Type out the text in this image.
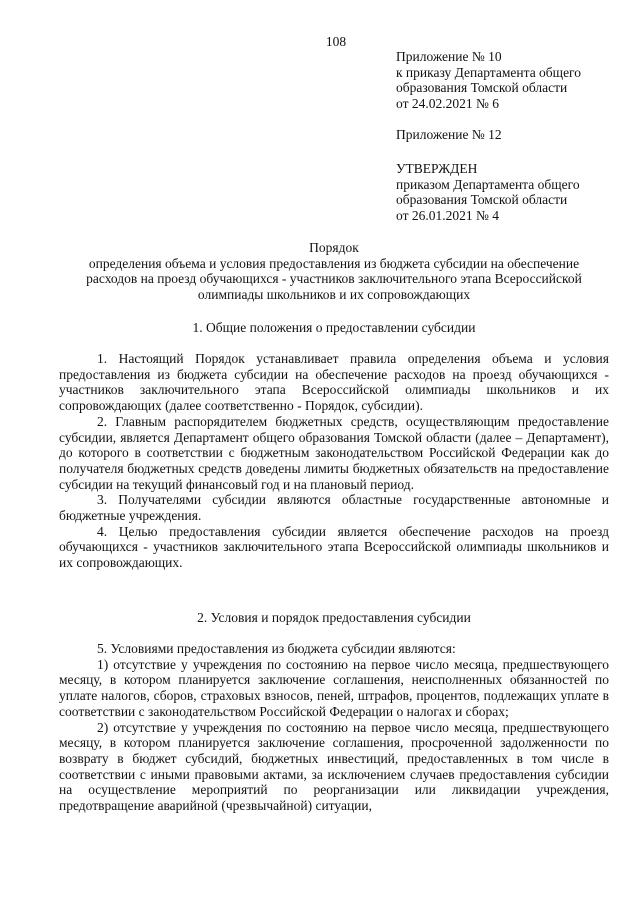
108
Приложение № 10
к приказу Департамента общего
образования Томской области
от 24.02.2021 № 6
Приложение № 12
УТВЕРЖДЕН
приказом Департамента общего
образования Томской области
от 26.01.2021 № 4
Порядок
определения объема и условия предоставления из бюджета субсидии на обеспечение
расходов на проезд обучающихся - участников заключительного этапа Всероссийской
олимпиады школьников и их сопровождающих
1. Общие положения о предоставлении субсидии

1. Настоящий Порядок устанавливает правила определения объема и условия предоставления из бюджета субсидии на обеспечение расходов на проезд обучающихся - участников заключительного этапа Всероссийской олимпиады школьников и их сопровождающих (далее соответственно - Порядок, субсидии).

2. Главным распорядителем бюджетных средств, осуществляющим предоставление субсидии, является Департамент общего образования Томской области (далее – Департамент), до которого в соответствии с бюджетным законодательством Российской Федерации как до получателя бюджетных средств доведены лимиты бюджетных обязательств на предоставление субсидии на текущий финансовый год и на плановый период.

3. Получателями субсидии являются областные государственные автономные и бюджетные учреждения.

4. Целью предоставления субсидии является обеспечение расходов на проезд обучающихся - участников заключительного этапа Всероссийской олимпиады школьников и их сопровождающих.

2. Условия и порядок предоставления субсидии

5. Условиями предоставления из бюджета субсидии являются:

1) отсутствие у учреждения по состоянию на первое число месяца, предшествующего месяцу, в котором планируется заключение соглашения, неисполненных обязанностей по уплате налогов, сборов, страховых взносов, пеней, штрафов, процентов, подлежащих уплате в соответствии с законодательством Российской Федерации о налогах и сборах;

2) отсутствие у учреждения по состоянию на первое число месяца, предшествующего месяцу, в котором планируется заключение соглашения, просроченной задолженности по возврату в бюджет субсидий, бюджетных инвестиций, предоставленных в том числе в соответствии с иными правовыми актами, за исключением случаев предоставления субсидии на осуществление мероприятий по реорганизации или ликвидации учреждения, предотвращение аварийной (чрезвычайной) ситуации,
